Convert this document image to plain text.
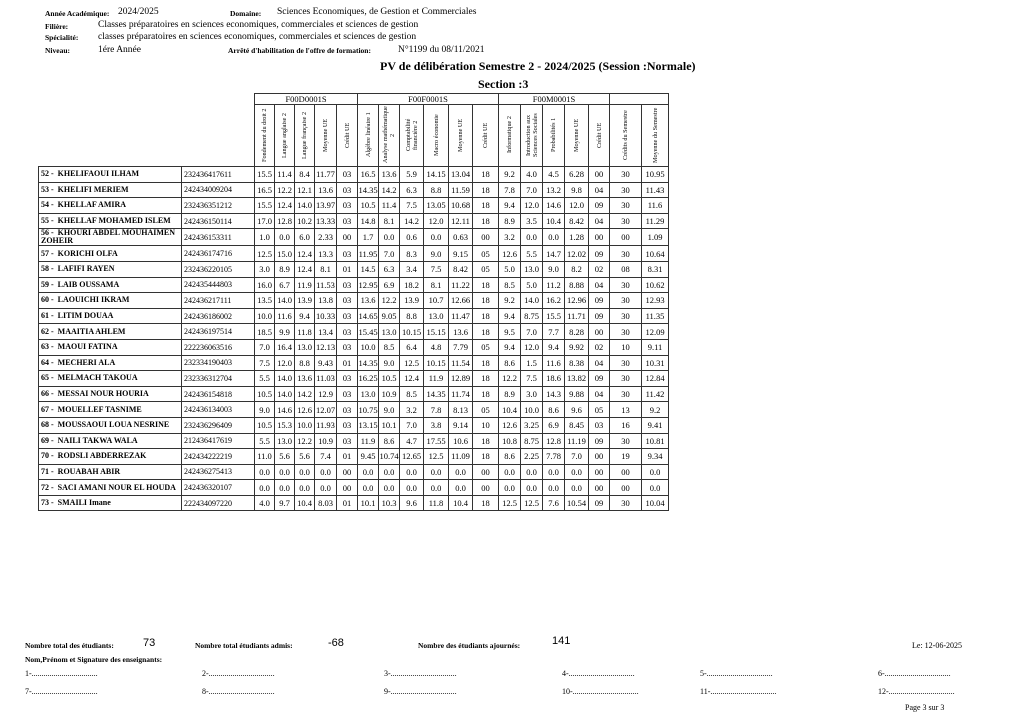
Année Académique: 2024/2025	Domaine: Sciences Economiques, de Gestion et Commerciales
Filière:	Classes préparatoires en sciences economiques, commerciales et sciences de gestion
Spécialité: classes préparatoires en sciences economiques, commerciales et sciences de gestion
Niveau:	1ére Année	Arrêté d'habilitation de l'offre de formation:	N°1199 du 08/11/2021
PV de délibération Semestre 2 - 2024/2025 (Session :Normale)
Section :3
		F00D0001S					F00F0001S						F00M0001S						
		Fondement du droit 2	Langue anglaise 2	Langue française 2	Moyenne UE	Crédit UE	Algèbre linéaire 1	Analyse mathématique 2	Comptabilité financière 2	Macro économie	Moyenne UE	Crédit UE	Informatique 2	Introduction aux Sciences Sociales	Probabilités 1	Moyenne UE	Crédit UE	Crédits du Semestre	Moyenne du Semestre
52 - KHELIFAOUI ILHAM	232436417611	15.5	11.4	8.4	11.77	03	16.5	13.6	5.9	14.15	13.04	18	9.2	4.0	4.5	6.28	00	30	10.95
53 - KHELIFI MERIEM	242434009204	16.5	12.2	12.1	13.6	03	14.35	14.2	6.3	8.8	11.59	18	7.8	7.0	13.2	9.8	04	30	11.43
54 - KHELLAF AMIRA	232436351212	15.5	12.4	14.0	13.97	03	10.5	11.4	7.5	13.05	10.68	18	9.4	12.0	14.6	12.0	09	30	11.6
55 - KHELLAF MOHAMED ISLEM	242436150114	17.0	12.8	10.2	13.33	03	14.8	8.1	14.2	12.0	12.11	18	8.9	3.5	10.4	8.42	04	30	11.29
56 - KHOURI ABDEL MOUHAIMEN ZOHEIR	242436153311	1.0	0.0	6.0	2.33	00	1.7	0.0	0.6	0.0	0.63	00	3.2	0.0	0.0	1.28	00	00	1.09
57 - KORICHI OLFA	242436174716	12.5	15.0	12.4	13.3	03	11.95	7.0	8.3	9.0	9.15	05	12.6	5.5	14.7	12.02	09	30	10.64
58 - LAFIFI RAYEN	232436220105	3.0	8.9	12.4	8.1	01	14.5	6.3	3.4	7.5	8.42	05	5.0	13.0	9.0	8.2	02	08	8.31
59 - LAIB OUSSAMA	242435444803	16.0	6.7	11.9	11.53	03	12.95	6.9	18.2	8.1	11.22	18	8.5	5.0	11.2	8.88	04	30	10.62
60 - LAOUICHI IKRAM	242436217111	13.5	14.0	13.9	13.8	03	13.6	12.2	13.9	10.7	12.66	18	9.2	14.0	16.2	12.96	09	30	12.93
61 - LITIM DOUAA	242436186002	10.0	11.6	9.4	10.33	03	14.65	9.05	8.8	13.0	11.47	18	9.4	8.75	15.5	11.71	09	30	11.35
62 - MAAITIA AHLEM	242436197514	18.5	9.9	11.8	13.4	03	15.45	13.0	10.15	15.15	13.6	18	9.5	7.0	7.7	8.28	00	30	12.09
63 - MAOUI FATINA	222236063516	7.0	16.4	13.0	12.13	03	10.0	8.5	6.4	4.8	7.79	05	9.4	12.0	9.4	9.92	02	10	9.11
64 - MECHERI ALA	232334190403	7.5	12.0	8.8	9.43	01	14.35	9.0	12.5	10.15	11.54	18	8.6	1.5	11.6	8.38	04	30	10.31
65 - MELMACH TAKOUA	232336312704	5.5	14.0	13.6	11.03	03	16.25	10.5	12.4	11.9	12.89	18	12.2	7.5	18.6	13.82	09	30	12.84
66 - MESSAI NOUR HOURIA	242436154818	10.5	14.0	14.2	12.9	03	13.0	10.9	8.5	14.35	11.74	18	8.9	3.0	14.3	9.88	04	30	11.42
67 - MOUELLEF TASNIME	242436134003	9.0	14.6	12.6	12.07	03	10.75	9.0	3.2	7.8	8.13	05	10.4	10.0	8.6	9.6	05	13	9.2
68 - MOUSSAOUI LOUA NESRINE	232436296409	10.5	15.3	10.0	11.93	03	13.15	10.1	7.0	3.8	9.14	10	12.6	3.25	6.9	8.45	03	16	9.41
69 - NAILI TAKWA WALA	212436417619	5.5	13.0	12.2	10.9	03	11.9	8.6	4.7	17.55	10.6	18	10.8	8.75	12.8	11.19	09	30	10.81
70 - RODSLI ABDERREZAK	242434222219	11.0	5.6	5.6	7.4	01	9.45	10.74	12.65	12.5	11.09	18	8.6	2.25	7.78	7.0	00	19	9.34
71 - ROUABAH ABIR	242436275413	0.0	0.0	0.0	0.0	00	0.0	0.0	0.0	0.0	0.0	00	0.0	0.0	0.0	0.0	00	00	0.0
72 - SACI AMANI NOUR EL HOUDA	242436320107	0.0	0.0	0.0	0.0	00	0.0	0.0	0.0	0.0	0.0	00	0.0	0.0	0.0	0.0	00	00	0.0
73 - SMAILI Imane	222434097220	4.0	9.7	10.4	8.03	01	10.1	10.3	9.6	11.8	10.4	18	12.5	12.5	7.6	10.54	09	30	10.04
Nombre total des étudiants:	73	Nombre total étudiants admis:	-68	Nombre des étudiants ajournés:	141	Le: 12-06-2025
Nom,Prénom et Signature des enseignants:
1-.................................	2-.................................	3-.................................	4-.................................	5-.................................	6-.................................
7-.................................	8-.................................	9-.................................	10-.................................	11-.................................	12-.................................
Page 3 sur 3
